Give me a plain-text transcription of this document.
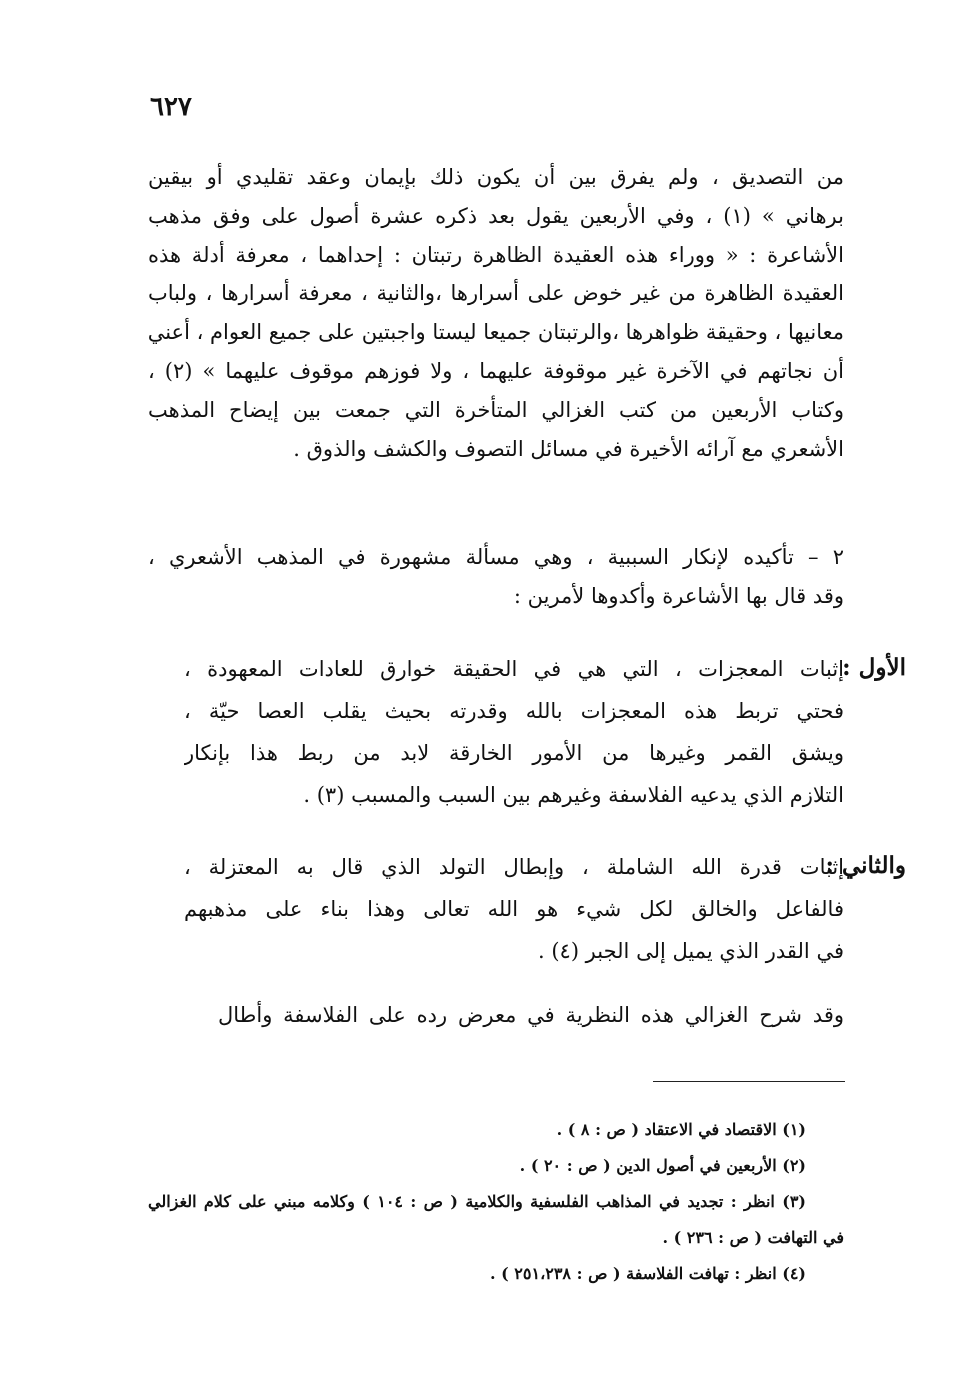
٦٢٧
من التصديق ، ولم يفرق بين أن يكون ذلك بإيمان وعقد تقليدي أو بيقين
برهاني » (١) ، وفي الأربعين يقول بعد ذكره عشرة أصول على وفق مذهب
الأشاعرة : « ووراء هذه العقيدة الظاهرة رتبتان : إحداهما ، معرفة أدلة هذه
العقيدة الظاهرة من غير خوض على أسرارها ،والثانية ، معرفة أسرارها ، ولباب
معانيها ، وحقيقة ظواهرها ،والرتبتان جميعا ليستا واجبتين على جميع العوام ، أعني
أن نجاتهم في الآخرة غير موقوفة عليهما ، ولا فوزهم موقوف عليهما » (٢) ،
وكتاب الأربعين من كتب الغزالي المتأخرة التي جمعت بين إيضاح المذهب
الأشعري مع آرائه الأخيرة في مسائل التصوف والكشف والذوق .
٢ – تأكيده لإنكار السببية ، وهي مسألة مشهورة في المذهب الأشعري ،
وقد قال بها الأشاعرة وأكدوها لأمرين :
الأول :
إثبات المعجزات ، التي هي في الحقيقة خوارق للعادات المعهودة ،
فحتي تربط هذه المعجزات بالله وقدرته بحيث يقلب العصا حيّة ،
ويشق القمر وغيرها من الأمور الخارقة لابد من ربط هذا بإنكار
التلازم الذي يدعيه الفلاسفة وغيرهم بين السبب والمسبب (٣) .
والثاني :
إثبات قدرة الله الشاملة ، وإبطال التولد الذي قال به المعتزلة ،
فالفاعل والخالق لكل شيء هو الله تعالى وهذا بناء على مذهبهم
في القدر الذي يميل إلى الجبر (٤) .
وقد شرح الغزالي هذه النظرية في معرض رده على الفلاسفة وأطال
(١) الاقتصاد في الاعتقاد ( ص : ٨ ) .
(٢) الأربعين في أصول الدين ( ص : ٢٠ ) .
(٣) انظر : تجديد في المذاهب الفلسفية والكلامية ( ص : ١٠٤ ) وكلامه مبني على كلام الغزالي
في التهافت ( ص : ٢٣٦ ) .
(٤) انظر : تهافت الفلاسفة ( ص : ٢٥١،٢٣٨ ) .
